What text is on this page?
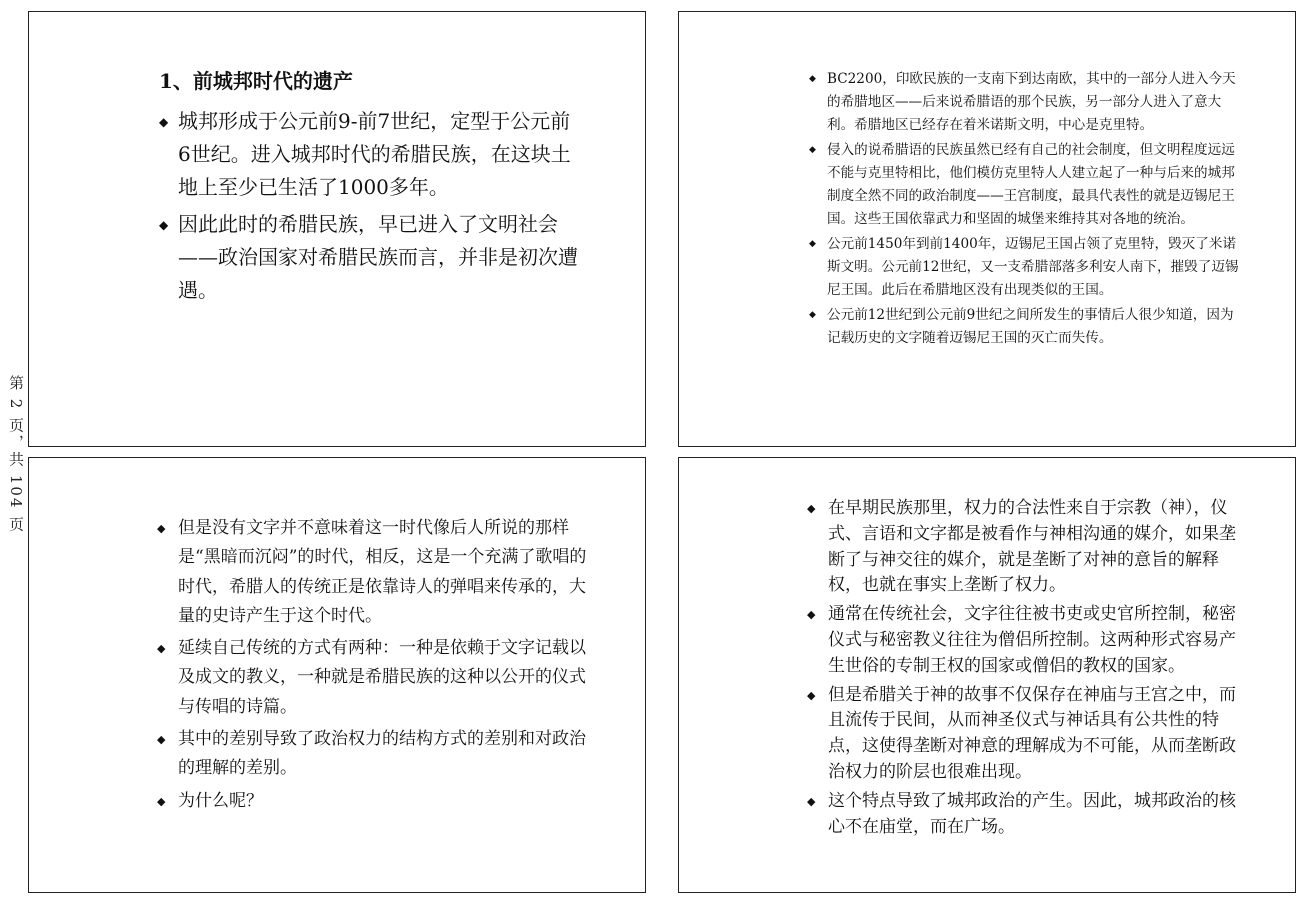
第 2 页，共 104 页
1、前城邦时代的遗产
◆ 城邦形成于公元前9-前7世纪，定型于公元前6世纪。进入城邦时代的希腊民族，在这块土地上至少已生活了1000多年。
◆ 因此此时的希腊民族，早已进入了文明社会——政治国家对希腊民族而言，并非是初次遭遇。
◆ BC2200，印欧民族的一支南下到达南欧，其中的一部分人进入今天的希腊地区——后来说希腊语的那个民族，另一部分人进入了意大利。希腊地区已经存在着米诺斯文明，中心是克里特。
◆ 侵入的说希腊语的民族虽然已经有自己的社会制度，但文明程度远远不能与克里特相比，他们模仿克里特人人建立起了一种与后来的城邦制度全然不同的政治制度——王宫制度，最具代表性的就是迈锡尼王国。这些王国依靠武力和坚固的城堡来维持其对各地的统治。
◆ 公元前1450年到前1400年，迈锡尼王国占领了克里特，毁灭了米诺斯文明。公元前12世纪，又一支希腊部落多利安人南下，摧毁了迈锡尼王国。此后在希腊地区没有出现类似的王国。
◆ 公元前12世纪到公元前9世纪之间所发生的事情后人很少知道，因为记载历史的文字随着迈锡尼王国的灭亡而失传。
◆ 但是没有文字并不意味着这一时代像后人所说的那样是“黑暗而沉闷”的时代，相反，这是一个充满了歌唱的时代，希腊人的传统正是依靠诗人的弹唱来传承的，大量的史诗产生于这个时代。
◆ 延续自己传统的方式有两种：一种是依赖于文字记载以及成文的教义，一种就是希腊民族的这种以公开的仪式与传唱的诗篇。
◆ 其中的差别导致了政治权力的结构方式的差别和对政治的理解的差别。
◆ 为什么呢？
◆ 在早期民族那里，权力的合法性来自于宗教（神），仪式、言语和文字都是被看作与神相沟通的媒介，如果垄断了与神交往的媒介，就是垄断了对神的意旨的解释权，也就在事实上垄断了权力。
◆ 通常在传统社会，文字往往被书吏或史官所控制，秘密仪式与秘密教义往往为僧侣所控制。这两种形式容易产生世俗的专制王权的国家或僧侣的教权的国家。
◆ 但是希腊关于神的故事不仅保存在神庙与王宫之中，而且流传于民间，从而神圣仪式与神话具有公共性的特点，这使得垄断对神意的理解成为不可能，从而垄断政治权力的阶层也很难出现。
◆ 这个特点导致了城邦政治的产生。因此，城邦政治的核心不在庙堂，而在广场。
